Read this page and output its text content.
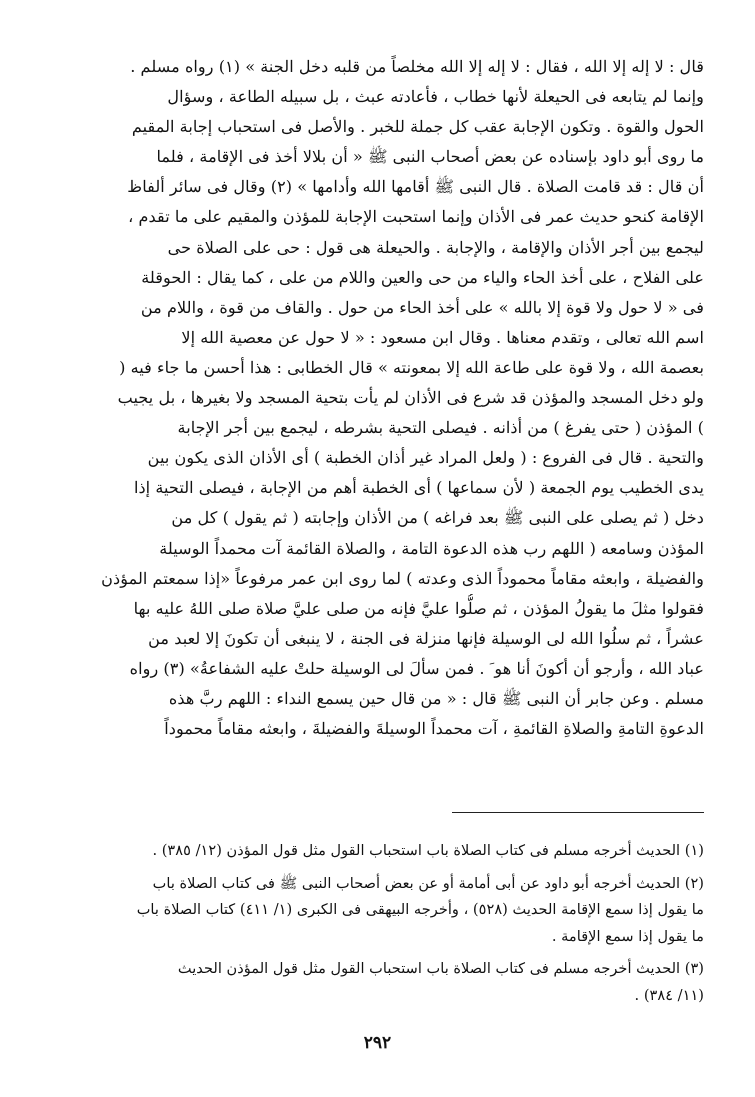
قال : لا إله إلا الله ، فقال : لا إله إلا الله مخلصاً من قلبه دخل الجنة » (١) رواه مسلم .
وإنما لم يتابعه فى الحيعلة لأنها خطاب ، فأعادته عبث ، بل سبيله الطاعة ، وسؤال
الحول والقوة . وتكون الإجابة عقب كل جملة للخبر . والأصل فى استحباب إجابة المقيم
ما روى أبو داود بإسناده عن بعض أصحاب النبى ﷺ « أن بلالا أخذ فى الإقامة ، فلما
أن قال : قد قامت الصلاة . قال النبى ﷺ أقامها الله وأدامها » (٢) وقال فى سائر ألفاظ
الإقامة كنحو حديث عمر فى الأذان وإنما استحبت الإجابة للمؤذن والمقيم على ما تقدم ،
ليجمع بين أجر الأذان والإقامة ، والإجابة . والحيعلة هى قول : حى على الصلاة حى
على الفلاح ، على أخذ الحاء والياء من حى والعين واللام من على ، كما يقال : الحوقلة
فى « لا حول ولا قوة إلا بالله » على أخذ الحاء من حول . والقاف من قوة ، واللام من
اسم الله تعالى ، وتقدم معناها . وقال ابن مسعود : « لا حول عن معصية الله إلا
بعصمة الله ، ولا قوة على طاعة الله إلا بمعونته » قال الخطابى : هذا أحسن ما جاء فيه (
ولو دخل المسجد والمؤذن قد شرع فى الأذان لم يأت بتحية المسجد ولا بغيرها ، بل يجيب
) المؤذن ( حتى يفرغ ) من أذانه . فيصلى التحية بشرطه ، ليجمع بين أجر الإجابة
والتحية . قال فى الفروع : ( ولعل المراد غير أذان الخطبة ) أى الأذان الذى يكون بين
يدى الخطيب يوم الجمعة ( لأن سماعها ) أى الخطبة أهم من الإجابة ، فيصلى التحية إذا
دخل ( ثم يصلى على النبى ﷺ بعد فراغه ) من الأذان وإجابته ( ثم يقول ) كل من
المؤذن وسامعه ( اللهم رب هذه الدعوة التامة ، والصلاة القائمة آت محمداً الوسيلة
والفضيلة ، وابعثه مقاماً محموداً الذى وعدته ) لما روى ابن عمر مرفوعاً «إذا سمعتم المؤذن
فقولوا مثلَ ما يقولُ المؤذن ، ثم صلُّوا عليَّ فإنه من صلى عليَّ صلاة صلى اللهُ عليه بها
عشراً ، ثم سلُوا الله لى الوسيلة فإنها منزلة فى الجنة ، لا ينبغى أن تكونَ إلا لعبد من
عباد الله ، وأرجو أن أكونَ أنا هو َ . فمن سألَ لى الوسيلة حلتْ عليه الشفاعةُ» (٣) رواه
مسلم . وعن جابر أن النبى ﷺ قال : « من قال حين يسمع النداء : اللهم ربَّ هذه
الدعوةِ التامةِ والصلاةِ القائمةِ ، آت محمداً الوسيلةَ والفضيلةَ ، وابعثه مقاماً محموداً
(١) الحديث أخرجه مسلم فى كتاب الصلاة باب استحباب القول مثل قول المؤذن (١٢/ ٣٨٥) .
(٢) الحديث أخرجه أبو داود عن أبى أمامة أو عن بعض أصحاب النبى ﷺ فى كتاب الصلاة باب
ما يقول إذا سمع الإقامة الحديث (٥٢٨) ، وأخرجه البيهقى فى الكبرى (١/ ٤١١) كتاب الصلاة باب
ما يقول إذا سمع الإقامة .
(٣) الحديث أخرجه مسلم فى كتاب الصلاة باب استحباب القول مثل قول المؤذن الحديث
(١١/ ٣٨٤) .
٢٩٢
